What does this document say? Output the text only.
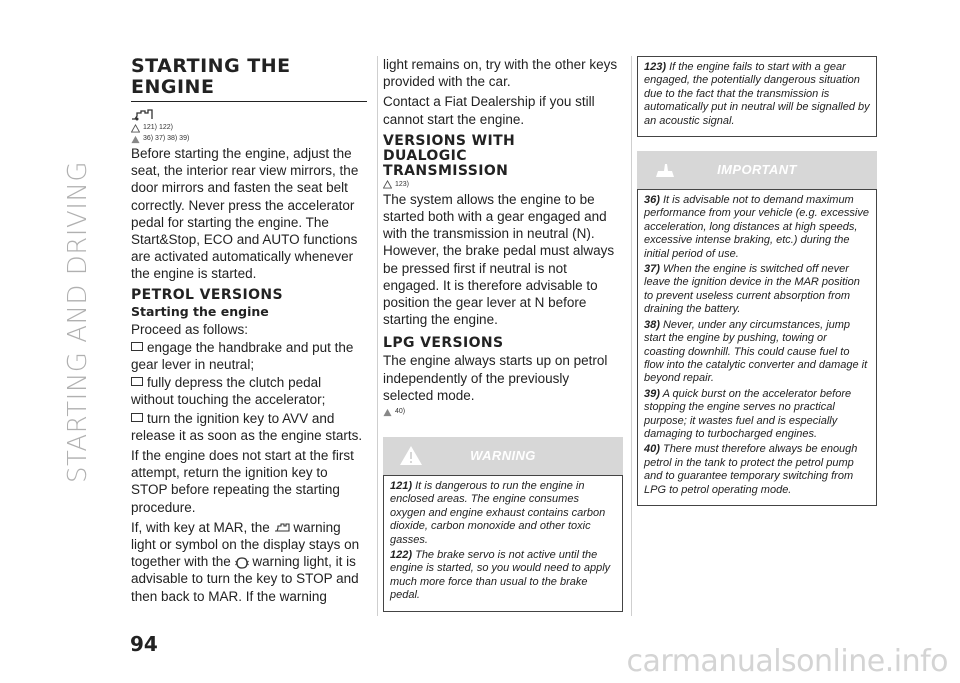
STARTING AND DRIVING
STARTING THE
ENGINE
121) 122)
36) 37) 38) 39)

Before starting the engine, adjust the seat, the interior rear view mirrors, the door mirrors and fasten the seat belt correctly. Never press the accelerator pedal for starting the engine. The Start&Stop, ECO and AUTO functions are activated automatically whenever the engine is started.

PETROL VERSIONS
Starting the engine

Proceed as follows:

engage the handbrake and put the gear lever in neutral;

fully depress the clutch pedal without touching the accelerator;

turn the ignition key to AVV and release it as soon as the engine starts.

If the engine does not start at the first attempt, return the ignition key to STOP before repeating the starting procedure.

If, with key at MAR, the warning light or symbol on the display stays on together with the warning light, it is advisable to turn the key to STOP and then back to MAR. If the warning

light remains on, try with the other keys provided with the car.

Contact a Fiat Dealership if you still cannot start the engine.

VERSIONS WITH
DUALOGIC
TRANSMISSION
123)

The system allows the engine to be started both with a gear engaged and with the transmission in neutral (N). However, the brake pedal must always be pressed first if neutral is not engaged. It is therefore advisable to position the gear lever at N before starting the engine.

LPG VERSIONS

The engine always starts up on petrol independently of the previously selected mode.

40)
WARNING

121) It is dangerous to run the engine in enclosed areas. The engine consumes oxygen and engine exhaust contains carbon dioxide, carbon monoxide and other toxic gasses.

122) The brake servo is not active until the engine is started, so you would need to apply much more force than usual to the brake pedal.

123) If the engine fails to start with a gear engaged, the potentially dangerous situation due to the fact that the transmission is automatically put in neutral will be signalled by an acoustic signal.

IMPORTANT

36) It is advisable not to demand maximum performance from your vehicle (e.g. excessive acceleration, long distances at high speeds, excessive intense braking, etc.) during the initial period of use.

37) When the engine is switched off never leave the ignition device in the MAR position to prevent useless current absorption from draining the battery.

38) Never, under any circumstances, jump start the engine by pushing, towing or coasting downhill. This could cause fuel to flow into the catalytic converter and damage it beyond repair.

39) A quick burst on the accelerator before stopping the engine serves no practical purpose; it wastes fuel and is especially damaging to turbocharged engines.

40) There must therefore always be enough petrol in the tank to protect the petrol pump and to guarantee temporary switching from LPG to petrol operating mode.

94	carmanualsonline.info
